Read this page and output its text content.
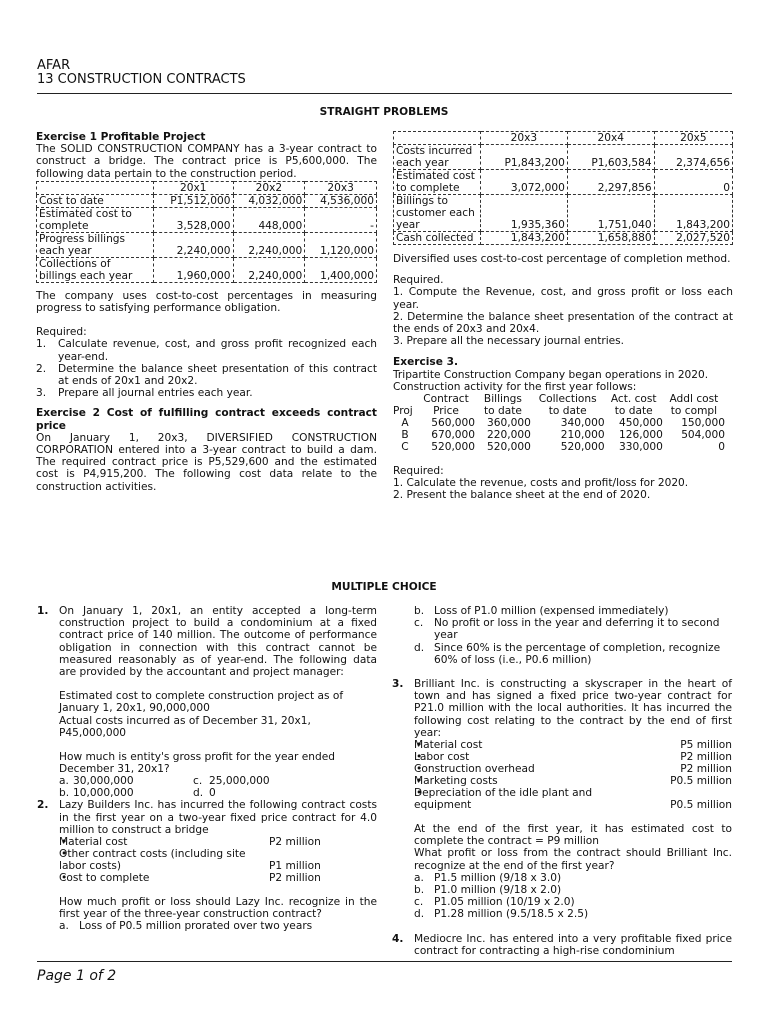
AFAR
13 CONSTRUCTION CONTRACTS
STRAIGHT PROBLEMS

Exercise 1 Profitable Project

The SOLID CONSTRUCTION COMPANY has a 3-year contract to construct a bridge. The contract price is P5,600,000. The following data pertain to the construction period.

	20x1	20x2	20x3
Cost to date	P1,512,000	4,032,000	4,536,000
Estimated cost to complete	3,528,000	448,000	-
Progress billings each year	2,240,000	2,240,000	1,120,000
Collections of billings each year	1,960,000	2,240,000	1,400,000

The company uses cost-to-cost percentages in measuring progress to satisfying performance obligation.

Required:

1. Calculate revenue, cost, and gross profit recognized each year-end.
2. Determine the balance sheet presentation of this contract at ends of 20x1 and 20x2.
3. Prepare all journal entries each year.

Exercise 2 Cost of fulfilling contract exceeds contract price

On January 1, 20x3, DIVERSIFIED CONSTRUCTION CORPORATION entered into a 3-year contract to build a dam. The required contract price is P5,529,600 and the estimated cost is P4,915,200. The following cost data relate to the construction activities.

	20x3	20x4	20x5
Costs incurred each year	P1,843,200	P1,603,584	2,374,656
Estimated cost to complete	3,072,000	2,297,856	0
Billings to customer each year	1,935,360	1,751,040	1,843,200
Cash collected	1,843,200	1,658,880	2,027,520

Diversified uses cost-to-cost percentage of completion method.

Required.

1. Compute the Revenue, cost, and gross profit or loss each year.

2. Determine the balance sheet presentation of the contract at the ends of 20x3 and 20x4.

3. Prepare all the necessary journal entries.

Exercise 3.

Tripartite Construction Company began operations in 2020. Construction activity for the first year follows:

	Contract	Billings	Collections	Act. cost	Addl cost
Proj	Price	to date	to date	to date	to compl
A	560,000	360,000	340,000	450,000	150,000
B	670,000	220,000	210,000	126,000	504,000
C	520,000	520,000	520,000	330,000	0

Required:

1. Calculate the revenue, costs and profit/loss for 2020.

2. Present the balance sheet at the end of 2020.

MULTIPLE CHOICE
1. On January 1, 20x1, an entity accepted a long-term construction project to build a condominium at a fixed contract price of 140 million. The outcome of performance obligation in connection with this contract cannot be measured reasonably as of year-end. The following data are provided by the accountant and project manager:

Estimated cost to complete construction project as of January 1, 20x1, 90,000,000

Actual costs incurred as of December 31, 20x1, P45,000,000

How much is entity's gross profit for the year ended December 31, 20x1?

a.	30,000,000	c.	25,000,000
b.	10,000,000	d.	0
2. Lazy Builders Inc. has incurred the following contract costs in the first year on a two-year fixed price contract for 4.0 million to construct a bridge

• Material cost	P2 million
• Other contract costs (including site labor costs)	P1 million
• Cost to complete	P2 million

How much profit or loss should Lazy Inc. recognize in the first year of the three-year construction contract?

a. Loss of P0.5 million prorated over two years
b. Loss of P1.0 million (expensed immediately)
c. No profit or loss in the year and deferring it to second year
d. Since 60% is the percentage of completion, recognize 60% of loss (i.e., P0.6 million)
3. Brilliant Inc. is constructing a skyscraper in the heart of town and has signed a fixed price two-year contract for P21.0 million with the local authorities. It has incurred the following cost relating to the contract by the end of first year:

• Material cost	P5 million
• Labor cost	P2 million
• Construction overhead	P2 million
• Marketing costs	P0.5 million
• Depreciation of the idle plant and equipment	P0.5 million

At the end of the first year, it has estimated cost to complete the contract = P9 million

What profit or loss from the contract should Brilliant Inc. recognize at the end of the first year?

a. P1.5 million (9/18 x 3.0)
b. P1.0 million (9/18 x 2.0)
c. P1.05 million (10/19 x 2.0)
d. P1.28 million (9.5/18.5 x 2.5)
4. Mediocre Inc. has entered into a very profitable fixed price contract for contracting a high-rise condominium

Page 1 of 2
